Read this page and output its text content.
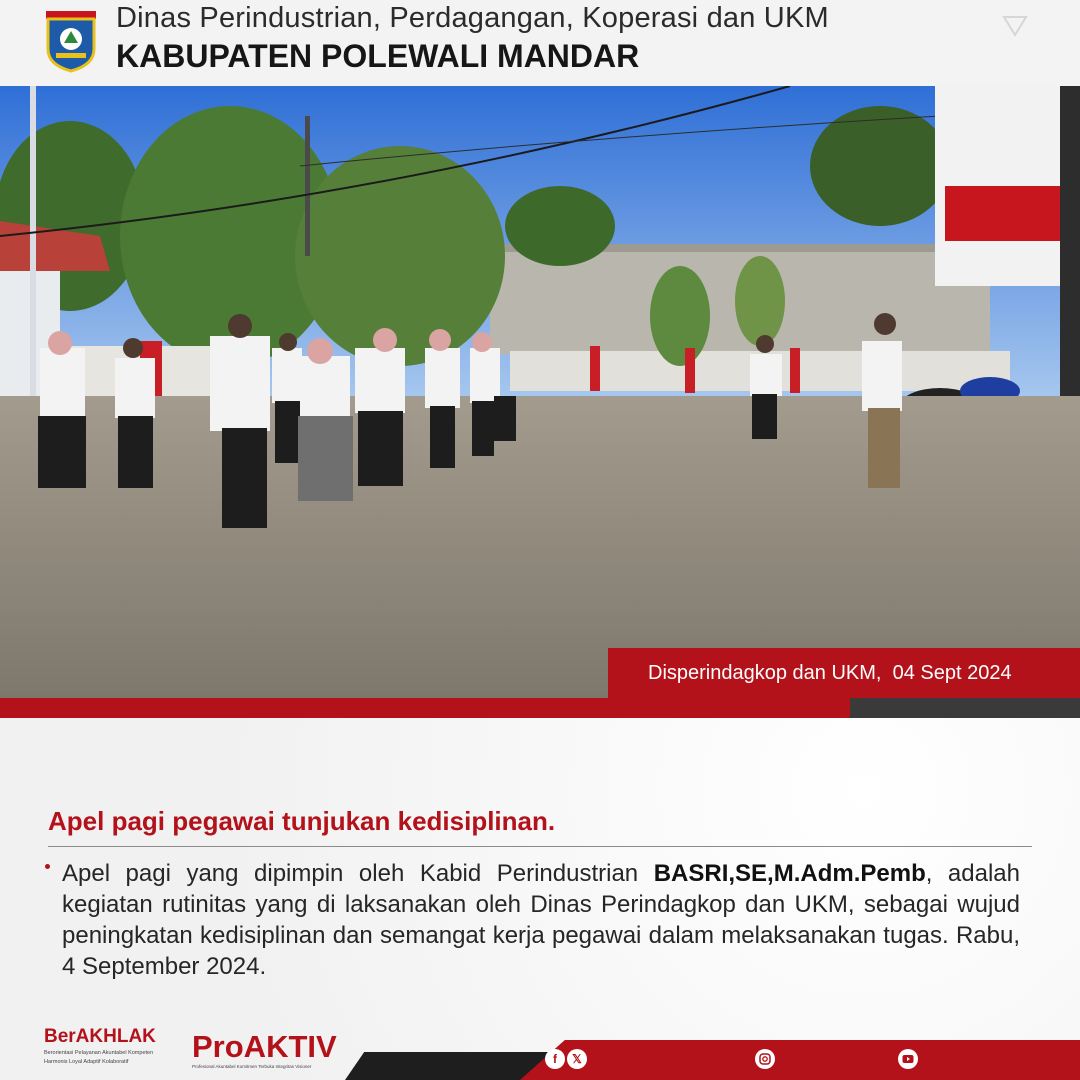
Dinas Perindustrian, Perdagangan, Koperasi dan UKM
KABUPATEN POLEWALI MANDAR
Disperindagkop dan UKM,  04 Sept 2024
Apel pagi pegawai tunjukan kedisiplinan.
Apel pagi yang dipimpin oleh Kabid Perindustrian BASRI,SE,M.Adm.Pemb, adalah kegiatan rutinitas yang di laksanakan oleh Dinas Perindagkop dan UKM, sebagai wujud peningkatan kedisiplinan dan semangat kerja pegawai dalam melaksanakan tugas. Rabu, 4 September 2024.
BerAKHLAK
Berorientasi Pelayanan Akuntabel Kompeten
Harmonis Loyal Adaptif Kolaboratif	ProAKTIV
Profesional Akuntabel Komitmen Terbuka Integritas Visioner
f	𝕏
